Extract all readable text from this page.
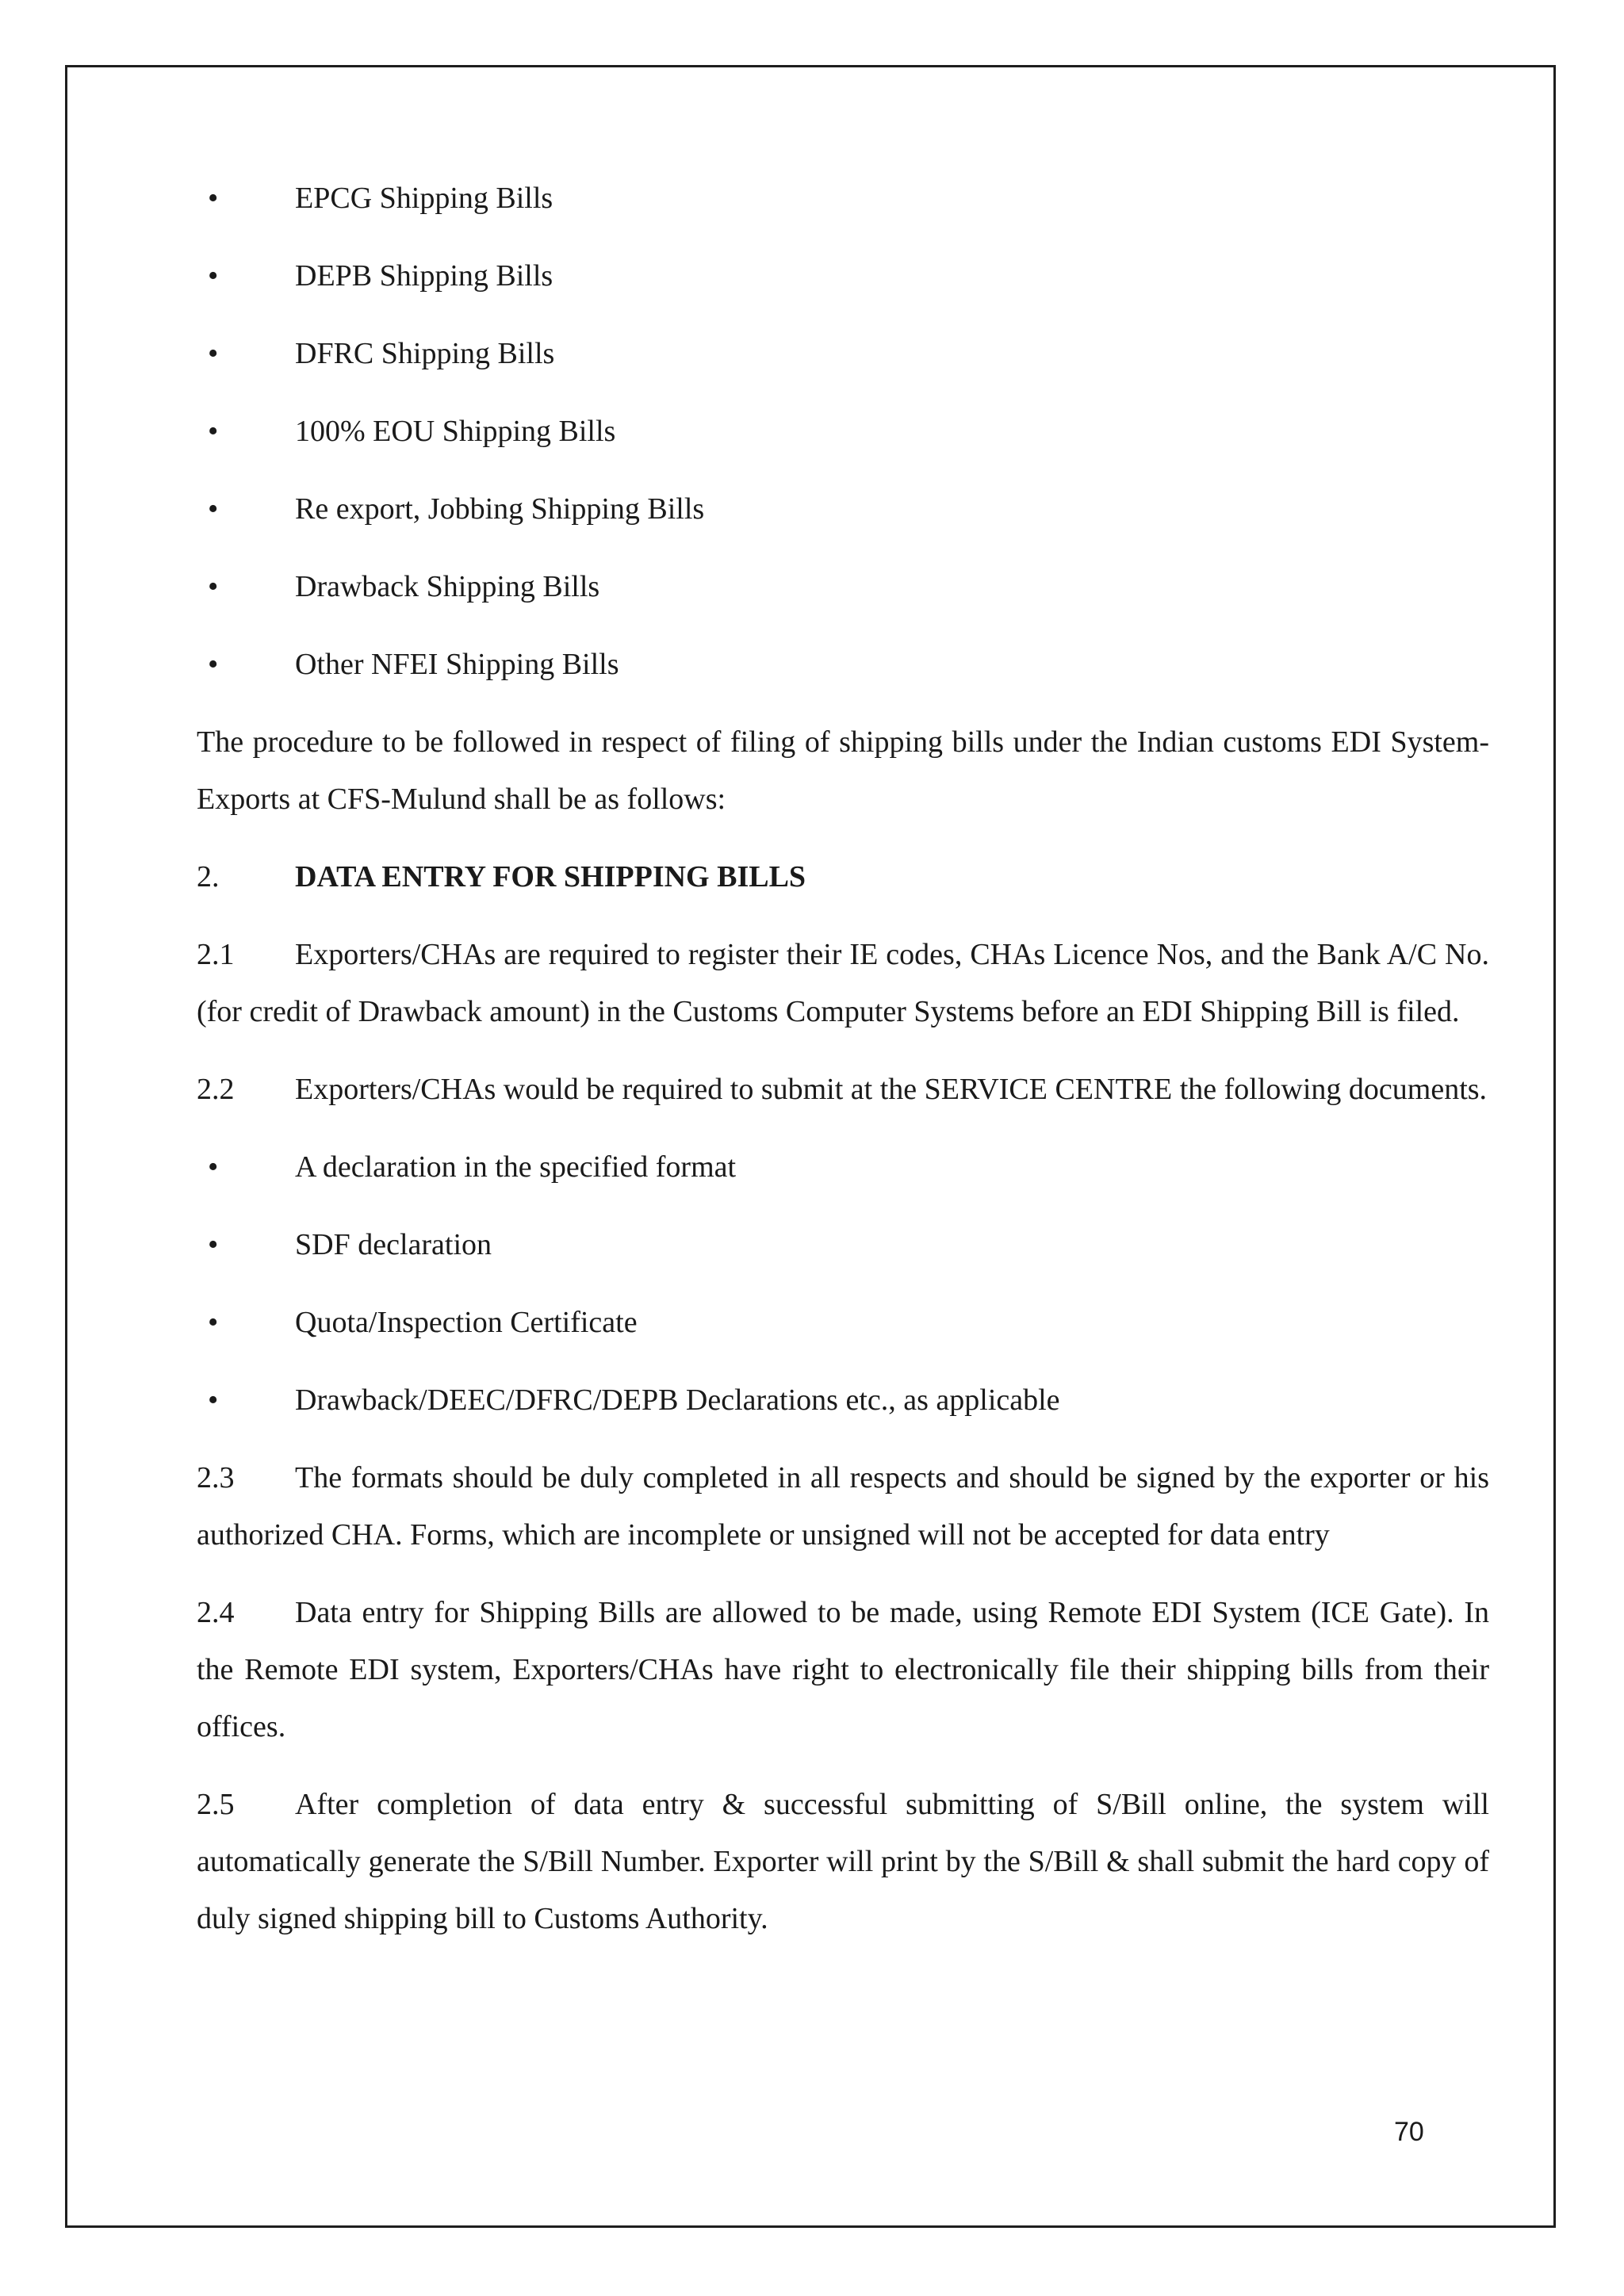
•	EPCG Shipping Bills
•	DEPB Shipping Bills
•	DFRC Shipping Bills
•	100% EOU Shipping Bills
•	Re export, Jobbing Shipping Bills
•	Drawback Shipping Bills
•	Other NFEI Shipping Bills

The procedure to be followed in respect of filing of shipping bills under the Indian customs EDI System-Exports at CFS-Mulund shall be as follows:

2.	DATA ENTRY FOR SHIPPING BILLS

2.1 Exporters/CHAs are required to register their IE codes, CHAs Licence Nos, and the Bank A/C No. (for credit of Drawback amount) in the Customs Computer Systems before an EDI Shipping Bill is filed.

2.2 Exporters/CHAs would be required to submit at the SERVICE CENTRE the following documents.

•	A declaration in the specified format
•	SDF declaration
•	Quota/Inspection Certificate
•	Drawback/DEEC/DFRC/DEPB Declarations etc., as applicable

2.3 The formats should be duly completed in all respects and should be signed by the exporter or his authorized CHA. Forms, which are incomplete or unsigned will not be accepted for data entry

2.4 Data entry for Shipping Bills are allowed to be made, using Remote EDI System (ICE Gate). In the Remote EDI system, Exporters/CHAs have right to electronically file their shipping bills from their offices.

2.5 After completion of data entry & successful submitting of S/Bill online, the system will automatically generate the S/Bill Number. Exporter will print by the S/Bill & shall submit the hard copy of duly signed shipping bill to Customs Authority.

70
